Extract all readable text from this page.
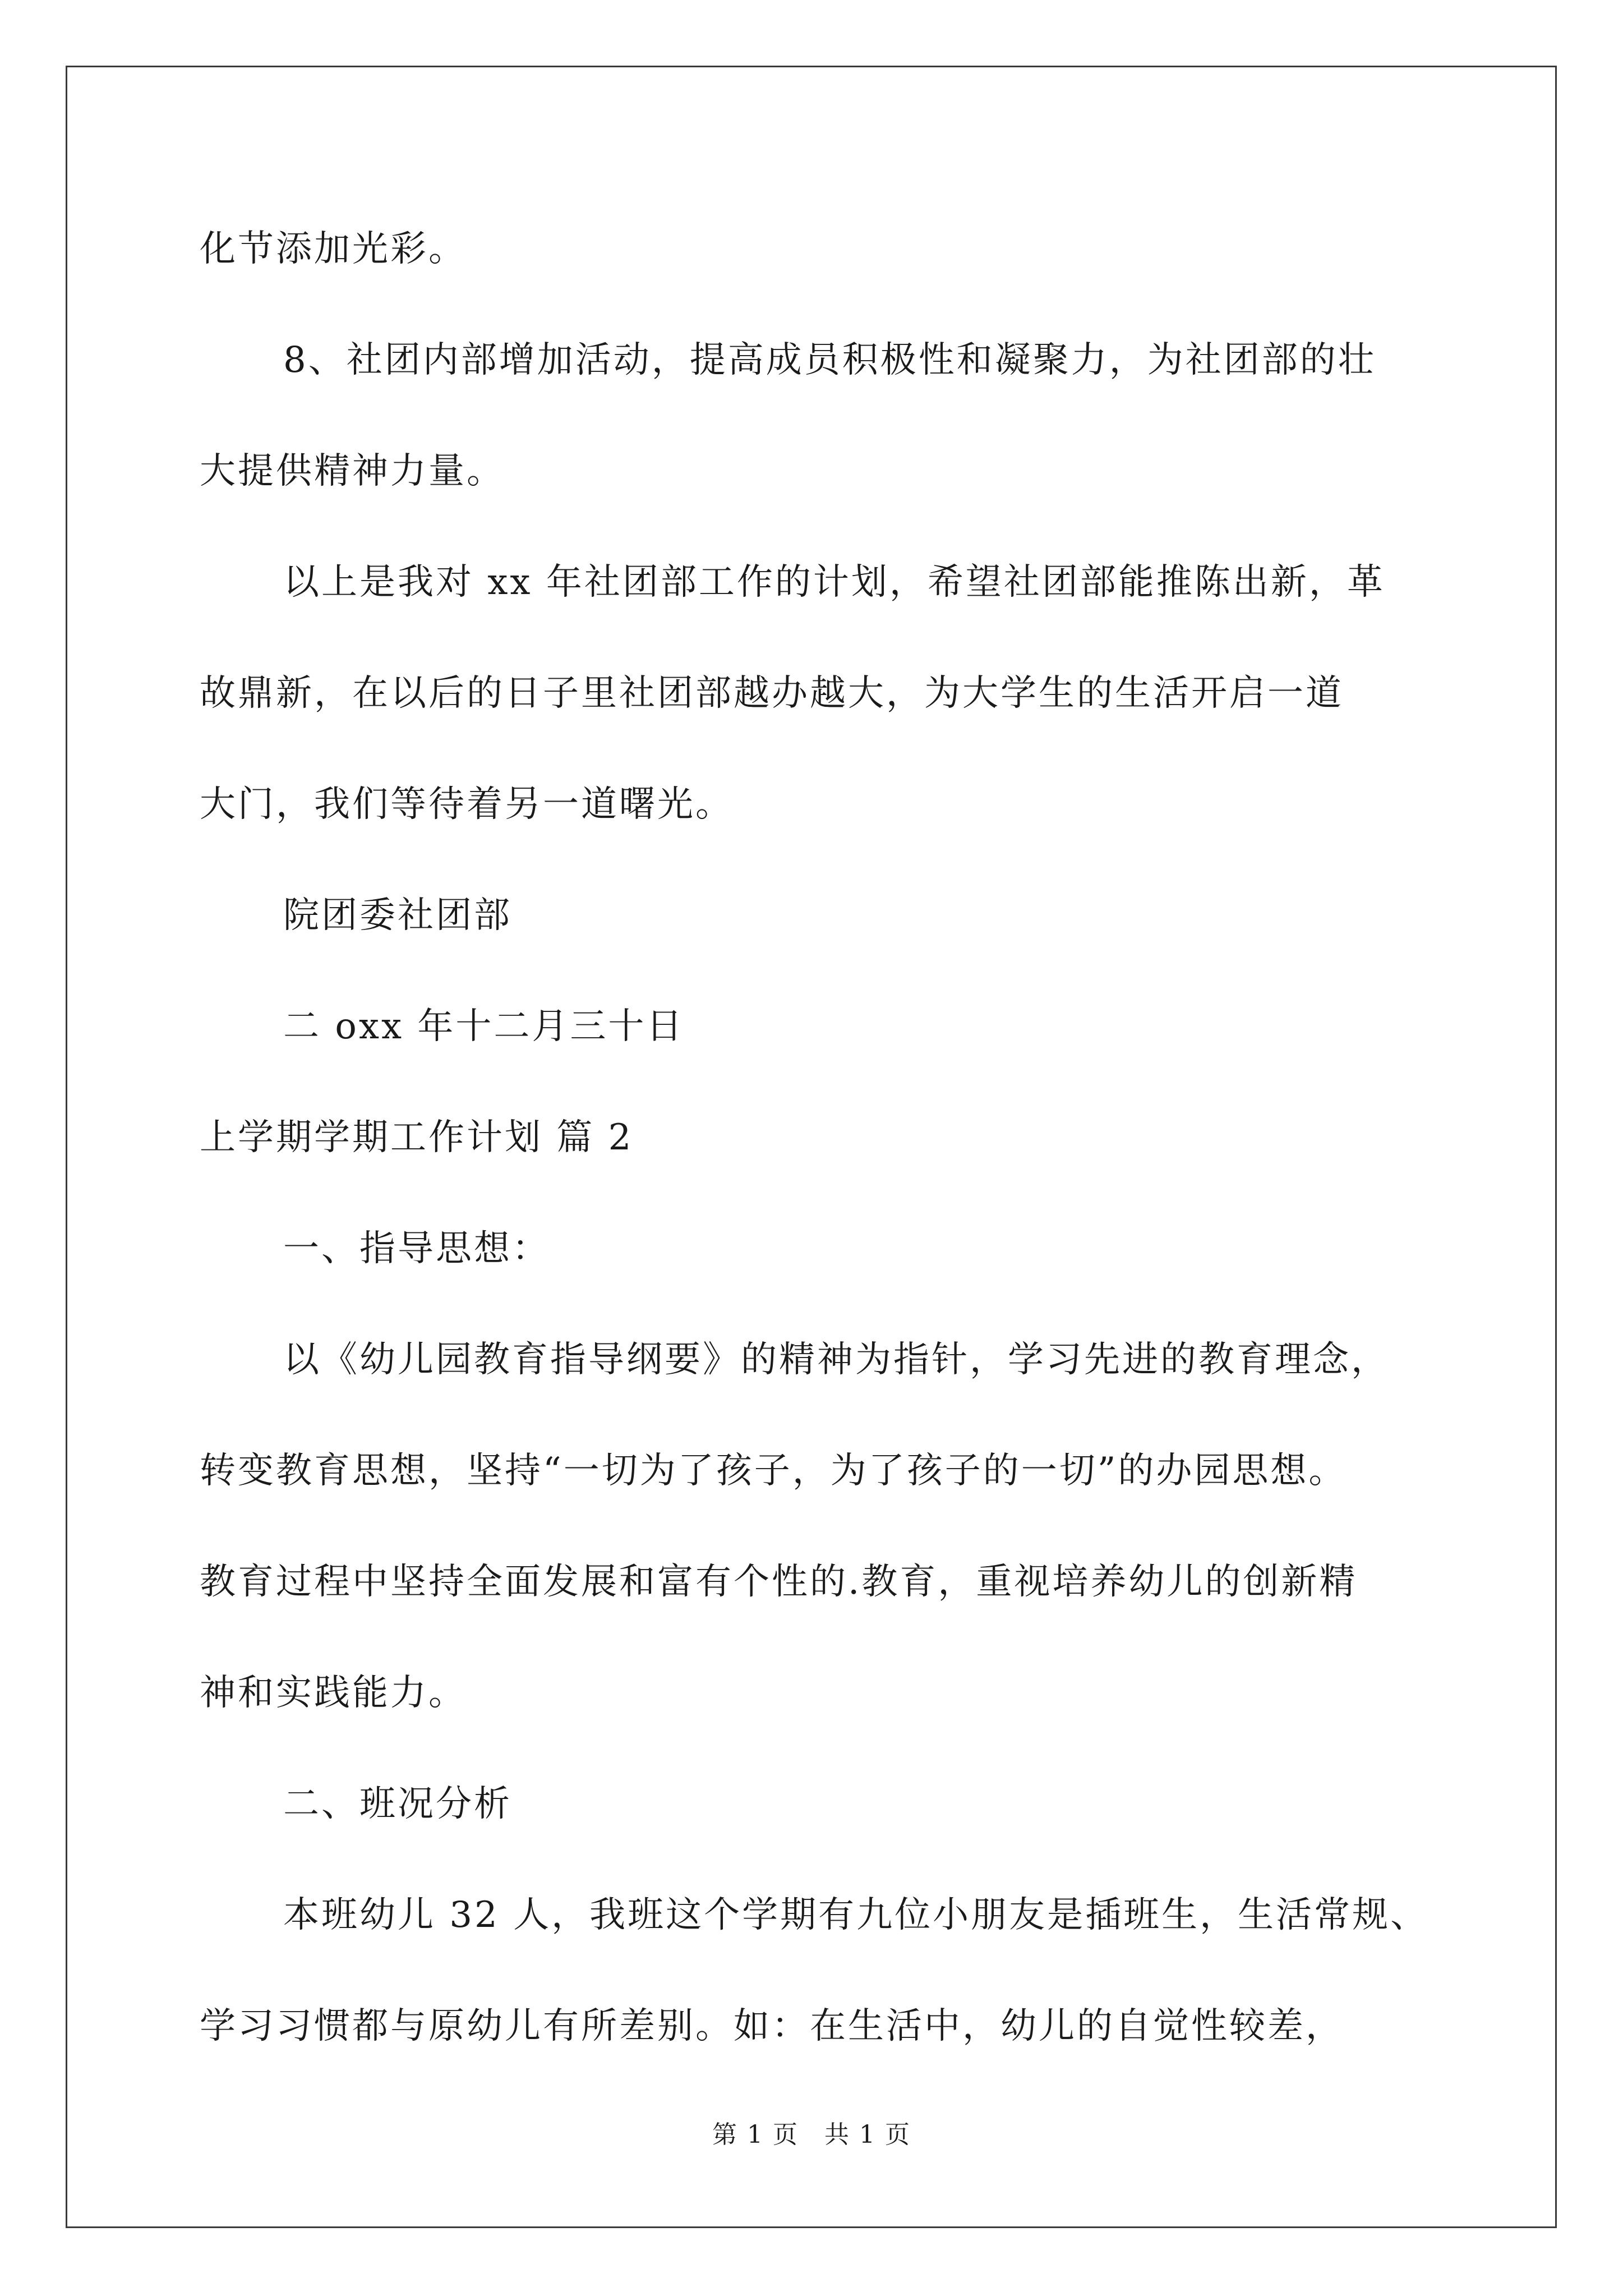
化节添加光彩。
8、社团内部增加活动，提高成员积极性和凝聚力，为社团部的壮
大提供精神力量。
以上是我对 xx 年社团部工作的计划，希望社团部能推陈出新，革
故鼎新，在以后的日子里社团部越办越大，为大学生的生活开启一道
大门，我们等待着另一道曙光。
院团委社团部
二 oxx 年十二月三十日
上学期学期工作计划 篇 2
一、指导思想：
以《幼儿园教育指导纲要》的精神为指针，学习先进的教育理念，
转变教育思想，坚持“一切为了孩子，为了孩子的一切”的办园思想。
教育过程中坚持全面发展和富有个性的.教育，重视培养幼儿的创新精
神和实践能力。
二、班况分析
本班幼儿 32 人，我班这个学期有九位小朋友是插班生，生活常规、
学习习惯都与原幼儿有所差别。如：在生活中，幼儿的自觉性较差，
第 1 页 共 1 页
